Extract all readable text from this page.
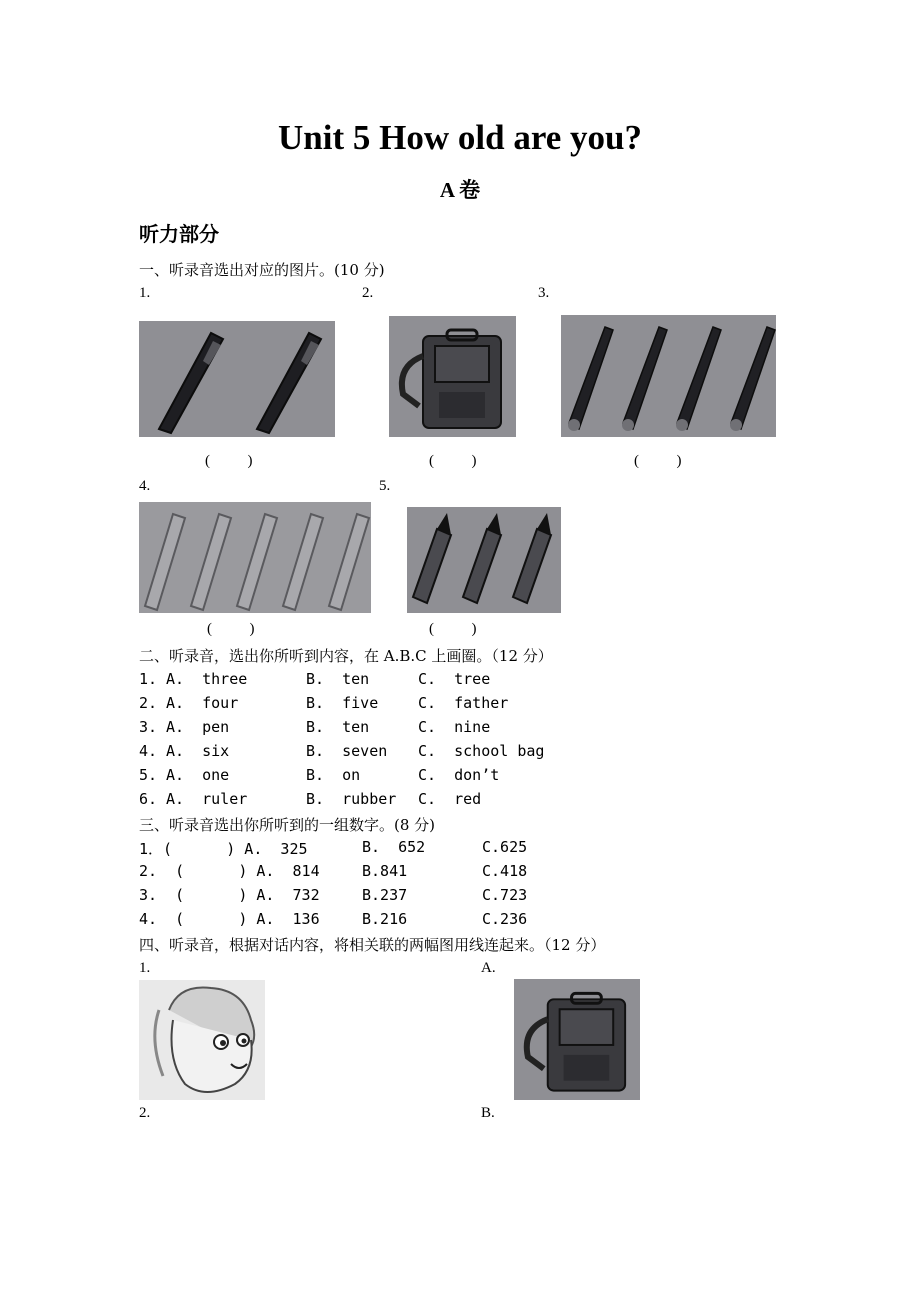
Unit 5 How old are you?
A 卷
听力部分
一、听录音选出对应的图片。(10 分)
1.	2.	3.
(          )	(          )	(          )
4.	5.
(          )	(          )
二、听录音，选出你所听到内容，在 A.B.C 上画圈。（12 分）
1. A.  three	B.  ten	C.  tree
2. A.  four	B.  five	C.  father
3. A.  pen	B.  ten	C.  nine
4. A.  six	B.  seven C.  school bag
5. A.  one	B.  on	C.  don’t
6. A.  ruler	B.  rubber C.  red
三、听录音选出你所听到的一组数字。(8 分)
1．(      ) A.  325	B.  652	C.625
2.  (      ) A.  814	B.841	C.418
3.  (      ) A.  732	B.237	C.723
4.  (      ) A.  136	B.216	C.236
四、听录音，根据对话内容，将相关联的两幅图用线连起来。（12 分）
1.	A.
2.	B.
